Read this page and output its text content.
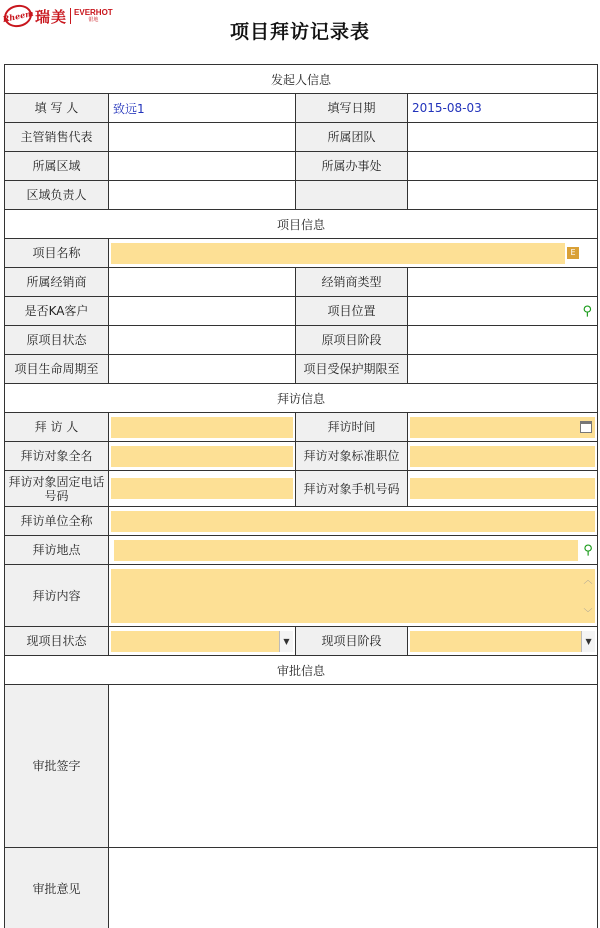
Rheem 瑞美 EVERHOT
银地
项目拜访记录表
发起人信息			
填 写 人	致远1	填写日期	2015-08-03
主管销售代表		所属团队	
所属区域		所属办事处	
区域负责人			
项目信息			
项目名称	E		

所属经销商		经销商类型	
是否KA客户		项目位置	⚲

原项目状态		原项目阶段	
项目生命周期至		项目受保护期限至	
拜访信息			
拜 访 人		拜访时间	

拜访对象全名		拜访对象标准职位	

拜访对象固定电话号码		拜访对象手机号码	

拜访单位全称			

拜访地点	⚲		

拜访内容	︿
﹀		

现项目状态	▼	现项目阶段	▼

审批信息			
审批签字			
审批意见			
